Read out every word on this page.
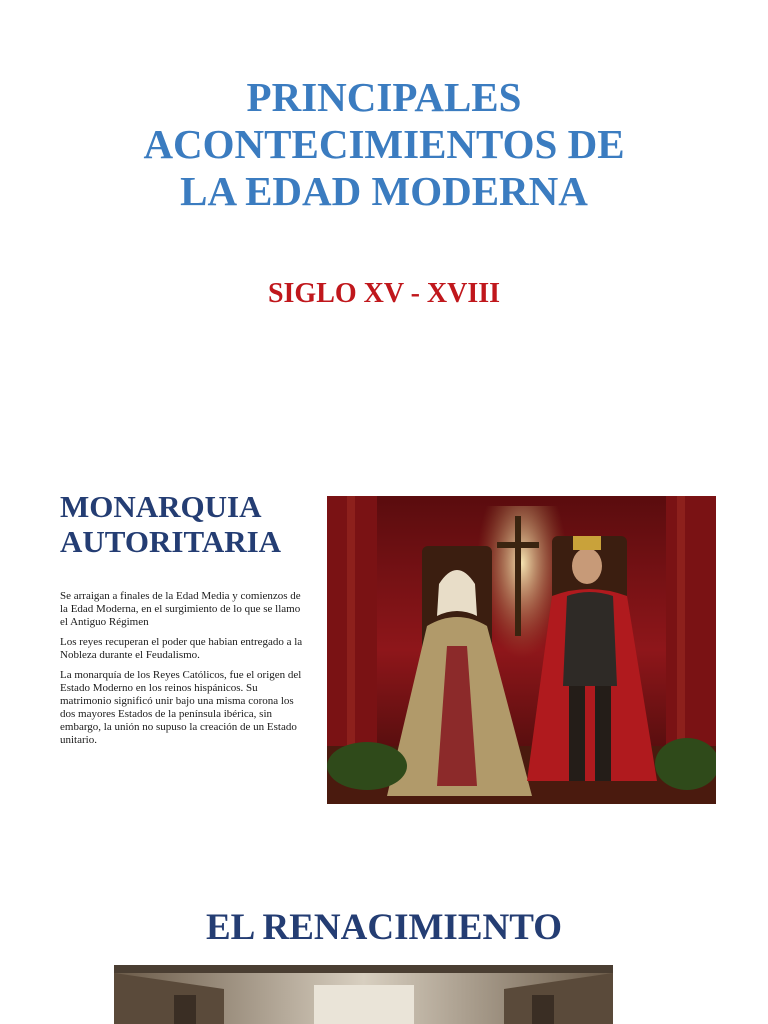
PRINCIPALES
ACONTECIMIENTOS DE
LA EDAD MODERNA
SIGLO XV - XVIII
MONARQUIA
AUTORITARIA

Se arraigan a finales de la Edad Media y comienzos de la Edad Moderna, en el surgimiento de lo que se llamo el Antiguo Régimen

Los reyes recuperan el poder que habian entregado a la Nobleza durante el Feudalismo.

La monarquía de los Reyes Católicos, fue el origen del Estado Moderno en los reinos hispánicos. Su matrimonio significó unir bajo una misma corona los dos mayores Estados de la península ibérica, sin embargo, la unión no supuso la creación de un Estado unitario.

EL RENACIMIENTO
